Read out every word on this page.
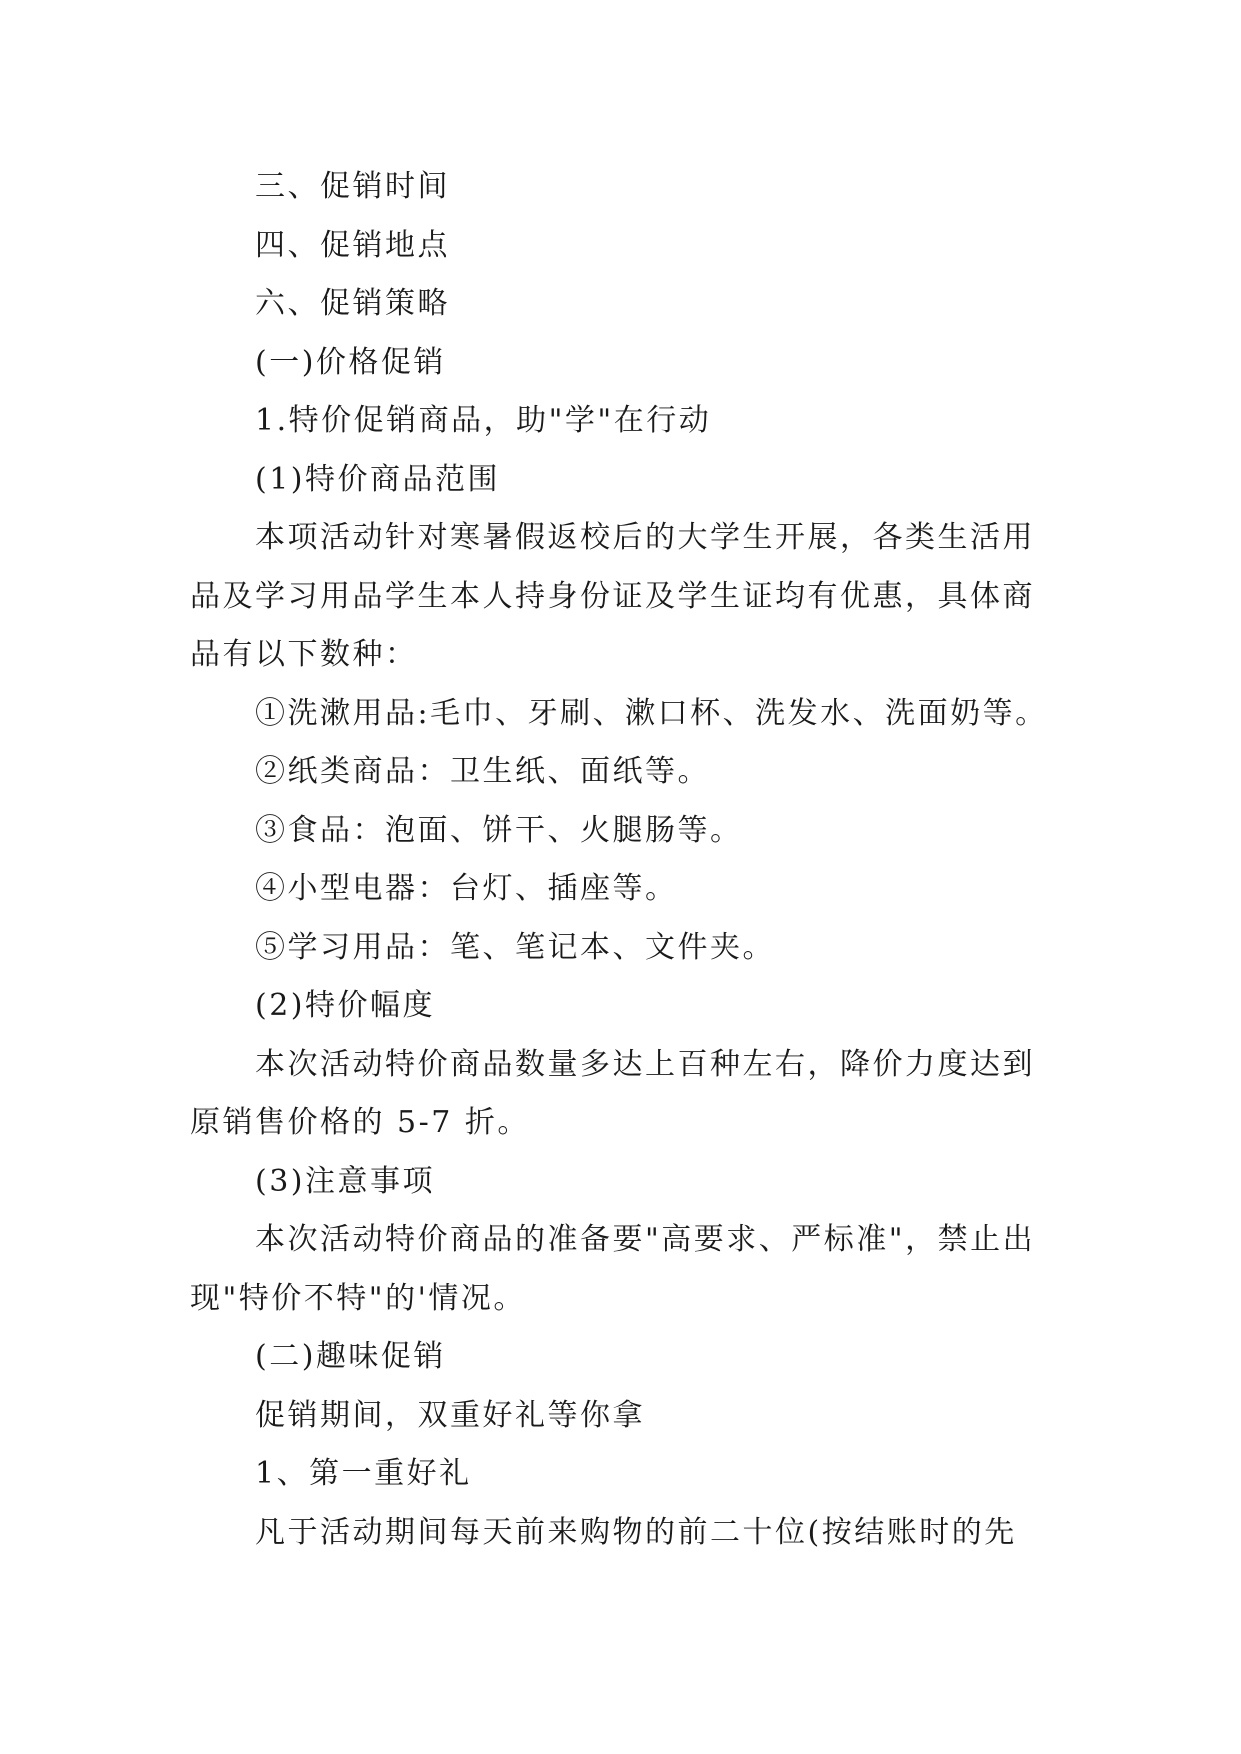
三、促销时间
四、促销地点
六、促销策略
(一)价格促销
1.特价促销商品，助"学"在行动
(1)特价商品范围
本项活动针对寒暑假返校后的大学生开展，各类生活用
品及学习用品学生本人持身份证及学生证均有优惠，具体商
品有以下数种：
①洗漱用品:毛巾、牙刷、漱口杯、洗发水、洗面奶等。
②纸类商品：卫生纸、面纸等。
③食品：泡面、饼干、火腿肠等。
④小型电器：台灯、插座等。
⑤学习用品：笔、笔记本、文件夹。
(2)特价幅度
本次活动特价商品数量多达上百种左右，降价力度达到
原销售价格的 5-7 折。
(3)注意事项
本次活动特价商品的准备要"高要求、严标准"，禁止出
现"特价不特"的'情况。
(二)趣味促销
促销期间，双重好礼等你拿
1、第一重好礼
凡于活动期间每天前来购物的前二十位(按结账时的先
